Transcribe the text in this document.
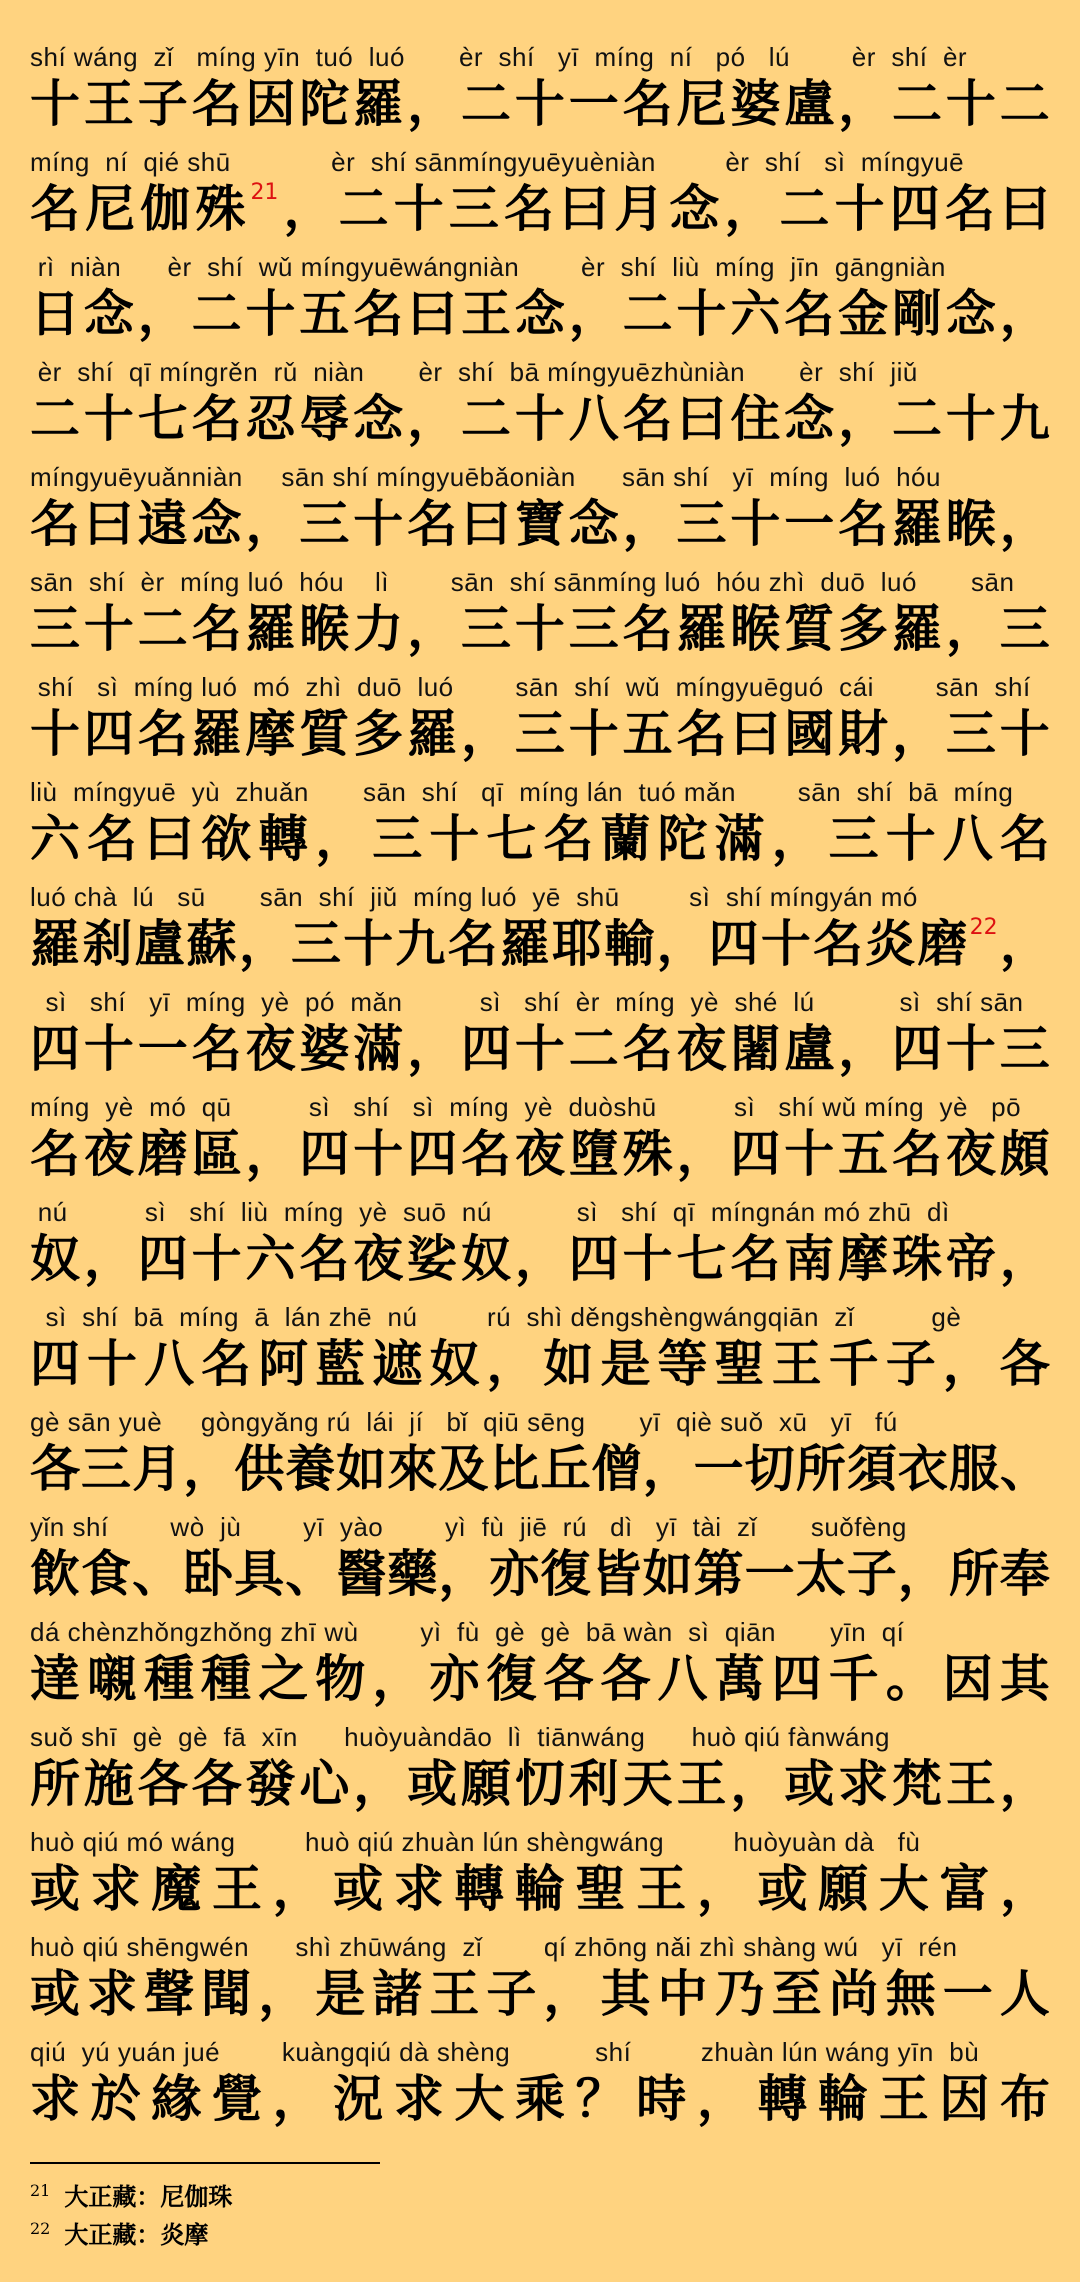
shí wáng  zǐ   míng yīn  tuó  luó       èr  shí   yī  míng  ní   pó   lú        èr  shí  èr
十 王 子 名 因 陀 羅 ， 二 十 一 名 尼 婆 盧 ， 二 十 二
míng  ní  qié shū             èr  shí sānmíngyuēyuèniàn         èr  shí   sì  míngyuē
名 尼 伽 殊 21 ， 二 十 三 名 曰 月 念 ， 二 十 四 名 曰
rì  niàn      èr  shí  wǔ míngyuēwángniàn        èr  shí  liù  míng  jīn  gāngniàn
日 念 ， 二 十 五 名 曰 王 念 ， 二 十 六 名 金 剛 念 ，
èr  shí  qī míngrěn  rǔ  niàn       èr  shí  bā míngyuēzhùniàn       èr  shí  jiǔ
二 十 七 名 忍 辱 念 ， 二 十 八 名 曰 住 念 ， 二 十 九
míngyuēyuǎnniàn     sān shí míngyuēbǎoniàn      sān shí   yī  míng  luó  hóu
名 曰 遠 念 ， 三 十 名 曰 寶 念 ， 三 十 一 名 羅 睺 ，
sān  shí  èr  míng luó  hóu    lì        sān  shí sānmíng luó  hóu zhì  duō  luó       sān
三 十 二 名 羅 睺 力 ， 三 十 三 名 羅 睺 質 多 羅 ， 三
shí   sì  míng luó  mó  zhì  duō  luó        sān  shí  wǔ  míngyuēguó  cái        sān  shí
十 四 名 羅 摩 質 多 羅 ， 三 十 五 名 曰 國 財 ， 三 十
liù  míngyuē  yù  zhuǎn       sān  shí   qī  míng lán  tuó mǎn        sān  shí  bā  míng
六 名 曰 欲 轉 ， 三 十 七 名 蘭 陀 滿 ， 三 十 八 名
luó chà  lú   sū       sān  shí  jiǔ  míng luó  yē  shū         sì  shí míngyán mó
羅 刹 盧 蘇 ， 三 十 九 名 羅 耶 輸 ， 四 十 名 炎 磨 22 ，
sì   shí   yī  míng  yè  pó  mǎn          sì   shí  èr  míng  yè  shé  lú           sì  shí sān
四 十 一 名 夜 婆 滿 ， 四 十 二 名 夜 闍 盧 ， 四 十 三
míng  yè  mó  qū          sì   shí   sì  míng  yè  duòshū          sì   shí wǔ míng  yè   pō
名 夜 磨 區 ， 四 十 四 名 夜 墮 殊 ， 四 十 五 名 夜 頗
nú          sì   shí  liù  míng  yè  suō  nú           sì   shí  qī  míngnán mó zhū  dì
奴 ， 四 十 六 名 夜 娑 奴 ， 四 十 七 名 南 摩 珠 帝 ，
sì  shí  bā  míng  ā  lán zhē  nú         rú  shì děngshèngwángqiān  zǐ          gè
四 十 八 名 阿 藍 遮 奴 ， 如 是 等 聖 王 千 子 ， 各
gè sān yuè     gòngyǎng rú  lái  jí   bǐ  qiū sēng       yī  qiè suǒ  xū   yī   fú
各 三 月 ， 供 養 如 來 及 比 丘 僧 ， 一 切 所 須 衣 服 、
yǐn shí        wò  jù        yī  yào        yì  fù  jiē  rú   dì   yī  tài  zǐ       suǒfèng
飲 食 、 卧 具 、 醫 藥 ， 亦 復 皆 如 第 一 太 子 ， 所 奉
dá chènzhǒngzhǒng zhī wù        yì  fù  gè  gè  bā wàn  sì  qiān       yīn  qí
達 嚫 種 種 之 物 ， 亦 復 各 各 八 萬 四 千 。 因 其
suǒ shī  gè  gè  fā  xīn      huòyuàndāo  lì  tiānwáng      huò qiú fànwáng
所 施 各 各 發 心 ， 或 願 忉 利 天 王 ， 或 求 梵 王 ，
huò qiú mó wáng         huò qiú zhuàn lún shèngwáng         huòyuàn dà   fù
或 求 魔 王 ， 或 求 轉 輪 聖 王 ， 或 願 大 富 ，
huò qiú shēngwén      shì zhūwáng  zǐ        qí zhōng nǎi zhì shàng wú   yī  rén
或 求 聲 聞 ， 是 諸 王 子 ， 其 中 乃 至 尚 無 一 人
qiú  yú yuán jué        kuàngqiú dà shèng           shí         zhuàn lún wáng yīn  bù
求 於 緣 覺 ， 況 求 大 乘 ？ 時 ， 轉 輪 王 因 布
$^{21}$ 大正藏：尼伽珠
$^{22}$ 大正藏：炎摩
